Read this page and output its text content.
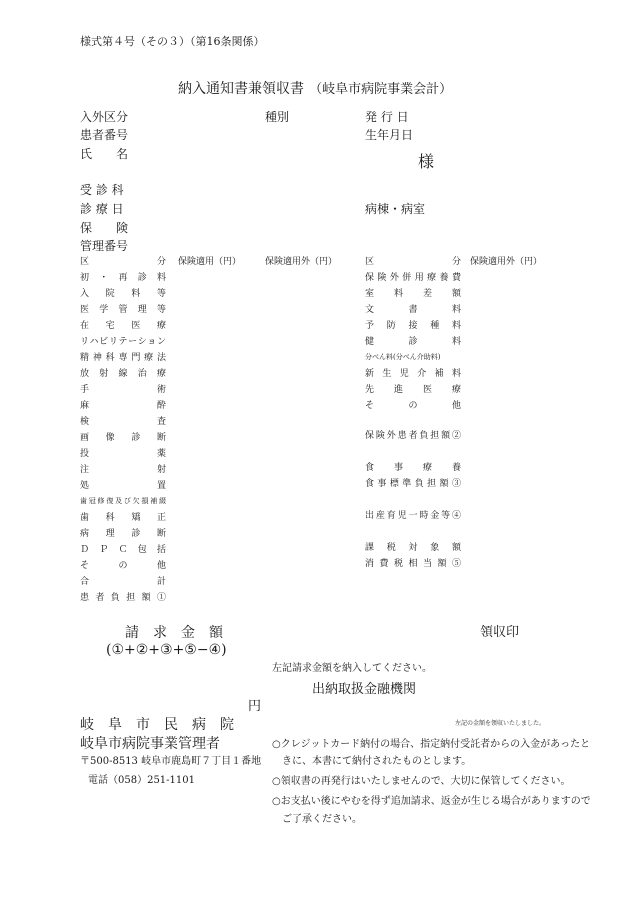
様式第４号（その３）（第16条関係）
納入通知書兼領収書 （岐阜市病院事業会計）
入外区分	種別	発 行 日
患者番号	生年月日
氏　　名	様
受 診 科
診 療 日	病棟・病室
保　　険
管理番号
区分 保険適用（円）	保険適用外（円）
初・再診料
入院料等
医学管理等
在宅医療
リハビリテーション
精神科専門療法
放射線治療
手術
麻酔
検査
画像診断
投薬
注射
処置
歯冠修復及び欠損補綴
歯科矯正
病理診断
ＤＰＣ包括
その他
合計
患者負担額①
区分 保険適用外（円）
保険外併用療養費
室料差額
文書料
予防接種料
健診料
分べん料(分べん介助料)
新生児介補料
先進医療
その他
保険外患者負担額②
食事療養
食事標準負担額③
出産育児一時金等④
課税対象額
消費税相当額⑤
請　求　金　額
(①+②+③+⑤−④)
領収印
左記請求金額を納入してください。
出納取扱金融機関
円
岐　阜　市　民　病　院
岐阜市病院事業管理者
〒500-8513 岐阜市鹿島町７丁目１番地
電話（058）251-1101
左記の金額を領収いたしました。
○クレジットカード納付の場合、指定納付受託者からの入金があったと
　きに、本書にて納付されたものとします。
○領収書の再発行はいたしませんので、大切に保管してください。
○お支払い後にやむを得ず追加請求、返金が生じる場合がありますので
　ご了承ください。
